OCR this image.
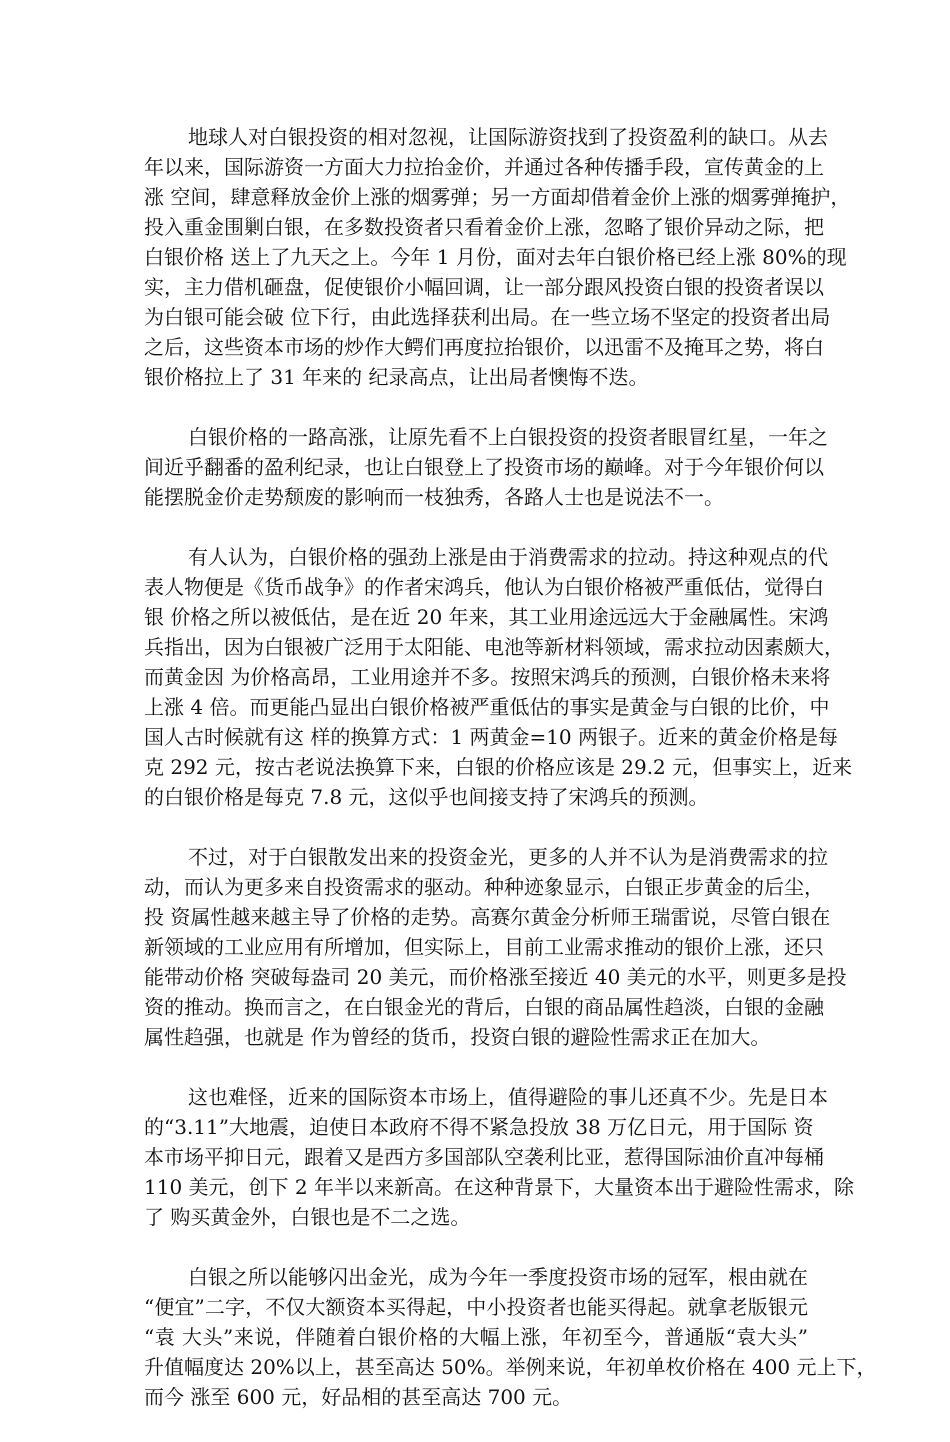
地球人对白银投资的相对忽视，让国际游资找到了投资盈利的缺口。从去
年以来，国际游资一方面大力拉抬金价，并通过各种传播手段，宣传黄金的上
涨 空间，肆意释放金价上涨的烟雾弹；另一方面却借着金价上涨的烟雾弹掩护，
投入重金围剿白银，在多数投资者只看着金价上涨，忽略了银价异动之际，把
白银价格 送上了九天之上。今年 1 月份，面对去年白银价格已经上涨 80%的现
实，主力借机砸盘，促使银价小幅回调，让一部分跟风投资白银的投资者误以
为白银可能会破 位下行，由此选择获利出局。在一些立场不坚定的投资者出局
之后，这些资本市场的炒作大鳄们再度拉抬银价，以迅雷不及掩耳之势，将白
银价格拉上了 31 年来的 纪录高点，让出局者懊悔不迭。
白银价格的一路高涨，让原先看不上白银投资的投资者眼冒红星，一年之
间近乎翻番的盈利纪录，也让白银登上了投资市场的巅峰。对于今年银价何以
能摆脱金价走势颓废的影响而一枝独秀，各路人士也是说法不一。
有人认为，白银价格的强劲上涨是由于消费需求的拉动。持这种观点的代
表人物便是《货币战争》的作者宋鸿兵，他认为白银价格被严重低估，觉得白
银 价格之所以被低估，是在近 20 年来，其工业用途远远大于金融属性。宋鸿
兵指出，因为白银被广泛用于太阳能、电池等新材料领域，需求拉动因素颇大，
而黄金因 为价格高昂，工业用途并不多。按照宋鸿兵的预测，白银价格未来将
上涨 4 倍。而更能凸显出白银价格被严重低估的事实是黄金与白银的比价，中
国人古时候就有这 样的换算方式：1 两黄金=10 两银子。近来的黄金价格是每
克 292 元，按古老说法换算下来，白银的价格应该是 29.2 元，但事实上，近来
的白银价格是每克 7.8 元，这似乎也间接支持了宋鸿兵的预测。
不过，对于白银散发出来的投资金光，更多的人并不认为是消费需求的拉
动，而认为更多来自投资需求的驱动。种种迹象显示，白银正步黄金的后尘，
投 资属性越来越主导了价格的走势。高赛尔黄金分析师王瑞雷说，尽管白银在
新领域的工业应用有所增加，但实际上，目前工业需求推动的银价上涨，还只
能带动价格 突破每盎司 20 美元，而价格涨至接近 40 美元的水平，则更多是投
资的推动。换而言之，在白银金光的背后，白银的商品属性趋淡，白银的金融
属性趋强，也就是 作为曾经的货币，投资白银的避险性需求正在加大。
这也难怪，近来的国际资本市场上，值得避险的事儿还真不少。先是日本
的“3.11”大地震，迫使日本政府不得不紧急投放 38 万亿日元，用于国际 资
本市场平抑日元，跟着又是西方多国部队空袭利比亚，惹得国际油价直冲每桶
110 美元，创下 2 年半以来新高。在这种背景下，大量资本出于避险性需求，除
了 购买黄金外，白银也是不二之选。
白银之所以能够闪出金光，成为今年一季度投资市场的冠军，根由就在
“便宜”二字，不仅大额资本买得起，中小投资者也能买得起。就拿老版银元
“袁 大头”来说，伴随着白银价格的大幅上涨，年初至今，普通版“袁大头”
升值幅度达 20%以上，甚至高达 50%。举例来说，年初单枚价格在 400 元上下，
而今 涨至 600 元，好品相的甚至高达 700 元。
